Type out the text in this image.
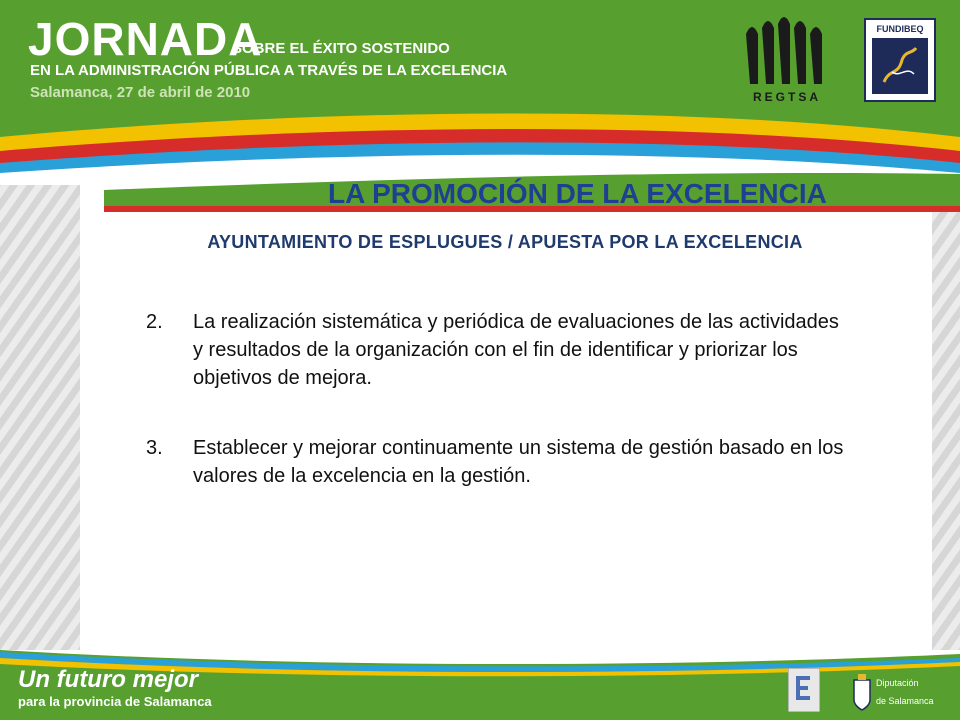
JORNADA
SOBRE EL ÉXITO SOSTENIDO
EN LA ADMINISTRACIÓN PÚBLICA A TRAVÉS DE LA EXCELENCIA
Salamanca, 27 de abril de 2010	REGTSA
FUNDIBEQ
LA PROMOCIÓN DE LA EXCELENCIA
AYUNTAMIENTO DE ESPLUGUES / APUESTA POR LA EXCELENCIA
2. La realización sistemática y periódica de evaluaciones de las actividades y resultados de la organización con el fin de identificar y priorizar los objetivos de mejora.
3. Establecer y mejorar continuamente un sistema de gestión basado en los valores de la excelencia en la gestión.
Un futuro mejor
para la provincia de Salamanca
Diputación
de Salamanca
